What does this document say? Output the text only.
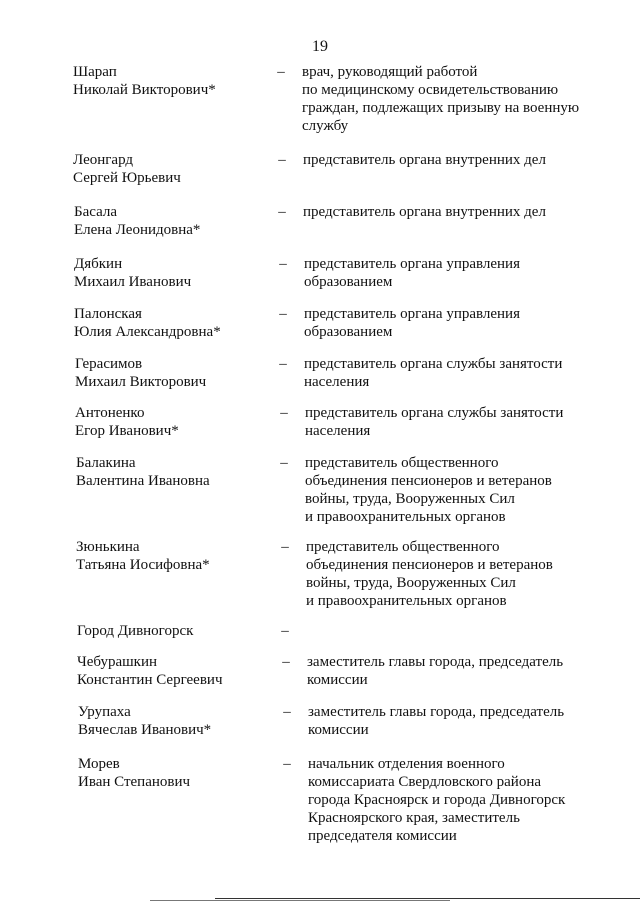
19
Шарап
Николай Викторович*
– врач, руководящий работой
по медицинскому освидетельствованию
граждан, подлежащих призыву на военную
службу
Леонгард
Сергей Юрьевич
– представитель органа внутренних дел
Басала
Елена Леонидовна*
– представитель органа внутренних дел
Дябкин
Михаил Иванович
– представитель органа управления
образованием
Палонская
Юлия Александровна*
– представитель органа управления
образованием
Герасимов
Михаил Викторович
– представитель органа службы занятости
населения
Антоненко
Егор Иванович*
– представитель органа службы занятости
населения
Балакина
Валентина Ивановна
– представитель общественного
объединения пенсионеров и ветеранов
войны, труда, Вооруженных Сил
и правоохранительных органов
Зюнькина
Татьяна Иосифовна*
– представитель общественного
объединения пенсионеров и ветеранов
войны, труда, Вооруженных Сил
и правоохранительных органов
Город Дивногорск	–
Чебурашкин
Константин Сергеевич
– заместитель главы города, председатель
комиссии
Урупаха
Вячеслав Иванович*
– заместитель главы города, председатель
комиссии
Морев
Иван Степанович
– начальник отделения военного
комиссариата Свердловского района
города Красноярск и города Дивногорск
Красноярского края, заместитель
председателя комиссии
